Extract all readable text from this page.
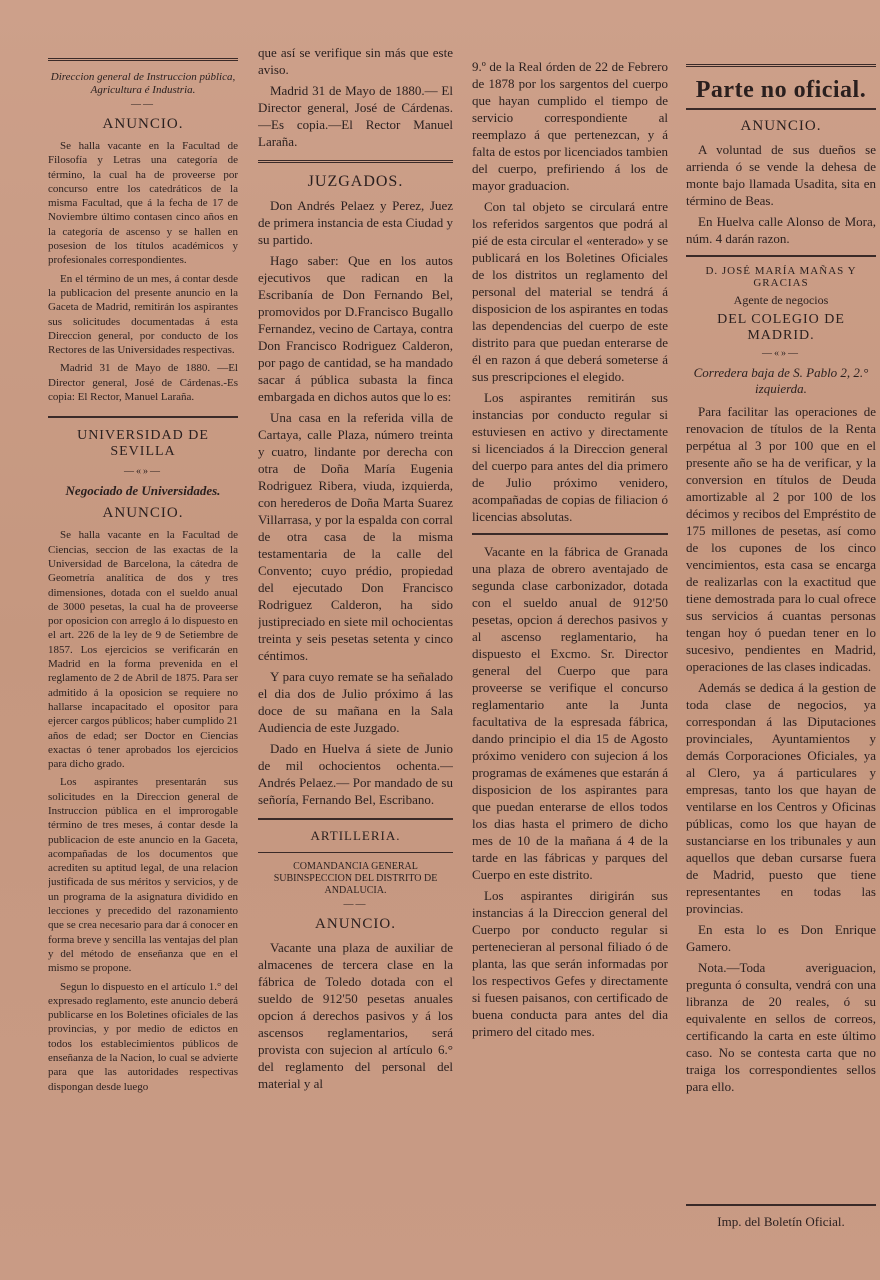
Direccion general de Instruccion pública, Agricultura é Industria.
——
ANUNCIO.

Se halla vacante en la Facultad de Filosofía y Letras una categoría de término, la cual ha de proveerse por concurso entre los catedráticos de la misma Facultad, que á la fecha de 17 de Noviembre último contasen cinco años en la categoría de ascenso y se hallen en posesion de los títulos académicos y profesionales correspondientes.

En el término de un mes, á contar desde la publicacion del presente anuncio en la Gaceta de Madrid, remitirán los aspirantes sus solicitudes documentadas á esta Direccion general, por conducto de los Rectores de las Universidades respectivas.

Madrid 31 de Mayo de 1880. —El Director general, José de Cárdenas.-Es copia: El Rector, Manuel Laraña.

UNIVERSIDAD DE SEVILLA
—«»—
Negociado de Universidades.
ANUNCIO.

Se halla vacante en la Facultad de Ciencias, seccion de las exactas de la Universidad de Barcelona, la cátedra de Geometría analítica de dos y tres dimensiones, dotada con el sueldo anual de 3000 pesetas, la cual ha de proveerse por oposicion con arreglo á lo dispuesto en el art. 226 de la ley de 9 de Setiembre de 1857. Los ejercicios se verificarán en Madrid en la forma prevenida en el reglamento de 2 de Abril de 1875. Para ser admitido á la oposicion se requiere no hallarse incapacitado el opositor para ejercer cargos públicos; haber cumplido 21 años de edad; ser Doctor en Ciencias exactas ó tener aprobados los ejercicios para dicho grado.

Los aspirantes presentarán sus solicitudes en la Direccion general de Instruccion pública en el improrogable término de tres meses, á contar desde la publicacion de este anuncio en la Gaceta, acompañadas de los documentos que acrediten su aptitud legal, de una relacion justificada de sus méritos y servicios, y de un programa de la asignatura dividido en lecciones y precedido del razonamiento que se crea necesario para dar á conocer en forma breve y sencilla las ventajas del plan y del método de enseñanza que en el mismo se propone.

Segun lo dispuesto en el artículo 1.° del expresado reglamento, este anuncio deberá publicarse en los Boletines oficiales de las provincias, y por medio de edictos en todos los establecimientos públicos de enseñanza de la Nacion, lo cual se advierte para que las autoridades respectivas dispongan desde luego

que así se verifique sin más que este aviso.

Madrid 31 de Mayo de 1880.— El Director general, José de Cárdenas.—Es copia.—El Rector Manuel Laraña.

JUZGADOS.

Don Andrés Pelaez y Perez, Juez de primera instancia de esta Ciudad y su partido.

Hago saber: Que en los autos ejecutivos que radican en la Escribanía de Don Fernando Bel, promovidos por D.Francisco Bugallo Fernandez, vecino de Cartaya, contra Don Francisco Rodriguez Calderon, por pago de cantidad, se ha mandado sacar á pública subasta la finca embargada en dichos autos que lo es:

Una casa en la referida villa de Cartaya, calle Plaza, número treinta y cuatro, lindante por derecha con otra de Doña María Eugenia Rodriguez Ribera, viuda, izquierda, con herederos de Doña Marta Suarez Villarrasa, y por la espalda con corral de otra casa de la misma testamentaria de la calle del Convento; cuyo prédio, propiedad del ejecutado Don Francisco Rodriguez Calderon, ha sido justipreciado en siete mil ochocientas treinta y seis pesetas setenta y cinco céntimos.

Y para cuyo remate se ha señalado el dia dos de Julio próximo á las doce de su mañana en la Sala Audiencia de este Juzgado.

Dado en Huelva á siete de Junio de mil ochocientos ochenta.—Andrés Pelaez.— Por mandado de su señoría, Fernando Bel, Escribano.

ARTILLERIA.
COMANDANCIA GENERAL SUBINSPECCION DEL DISTRITO DE ANDALUCIA.
——
ANUNCIO.

Vacante una plaza de auxiliar de almacenes de tercera clase en la fábrica de Toledo dotada con el sueldo de 912'50 pesetas anuales opcion á derechos pasivos y á los ascensos reglamentarios, será provista con sujecion al artículo 6.° del reglamento del personal del material y al

9.º de la Real órden de 22 de Febrero de 1878 por los sargentos del cuerpo que hayan cumplido el tiempo de servicio correspondiente al reemplazo á que pertenezcan, y á falta de estos por licenciados tambien del cuerpo, prefiriendo á los de mayor graduacion.

Con tal objeto se circulará entre los referidos sargentos que podrá al pié de esta circular el «enterado» y se publicará en los Boletines Oficiales de los distritos un reglamento del personal del material se tendrá á disposicion de los aspirantes en todas las dependencias del cuerpo de este distrito para que puedan enterarse de él en razon á que deberá someterse á sus prescripciones el elegido.

Los aspirantes remitirán sus instancias por conducto regular si estuviesen en activo y directamente si licenciados á la Direccion general del cuerpo para antes del dia primero de Julio próximo venidero, acompañadas de copias de filiacion ó licencias absolutas.

Vacante en la fábrica de Granada una plaza de obrero aventajado de segunda clase carbonizador, dotada con el sueldo anual de 912'50 pesetas, opcion á derechos pasivos y al ascenso reglamentario, ha dispuesto el Excmo. Sr. Director general del Cuerpo que para proveerse se verifique el concurso reglamentario ante la Junta facultativa de la espresada fábrica, dando principio el dia 15 de Agosto próximo venidero con sujecion á los programas de exámenes que estarán á disposicion de los aspirantes para que puedan enterarse de ellos todos los dias hasta el primero de dicho mes de 10 de la mañana á 4 de la tarde en las fábricas y parques del Cuerpo en este distrito.

Los aspirantes dirigirán sus instancias á la Direccion general del Cuerpo por conducto regular si pertenecieran al personal filiado ó de planta, las que serán informadas por los respectivos Gefes y directamente si fuesen paisanos, con certificado de buena conducta para antes del dia primero del citado mes.

Parte no oficial.
ANUNCIO.

A voluntad de sus dueños se arrienda ó se vende la dehesa de monte bajo llamada Usadita, sita en término de Beas.

En Huelva calle Alonso de Mora, núm. 4 darán razon.

D. JOSÉ MARÍA MAÑAS Y GRACIAS
Agente de negocios
DEL COLEGIO DE MADRID.
—«»—
Corredera baja de S. Pablo 2, 2.° izquierda.

Para facilitar las operaciones de renovacion de títulos de la Renta perpétua al 3 por 100 que en el presente año se ha de verificar, y la conversion en títulos de Deuda amortizable al 2 por 100 de los décimos y recibos del Empréstito de 175 millones de pesetas, así como de los cupones de los cinco vencimientos, esta casa se encarga de realizarlas con la exactitud que tiene demostrada para lo cual ofrece sus servicios á cuantas personas tengan hoy ó puedan tener en lo sucesivo, pendientes en Madrid, operaciones de las clases indicadas.

Además se dedica á la gestion de toda clase de negocios, ya correspondan á las Diputaciones provinciales, Ayuntamientos y demás Corporaciones Oficiales, ya al Clero, ya á particulares y empresas, tanto los que hayan de ventilarse en los Centros y Oficinas públicas, como los que hayan de sustanciarse en los tribunales y aun aquellos que deban cursarse fuera de Madrid, puesto que tiene representantes en todas las provincias.

En esta lo es Don Enrique Gamero.

Nota.—Toda averiguacion, pregunta ó consulta, vendrá con una libranza de 20 reales, ó su equivalente en sellos de correos, certificando la carta en este último caso. No se contesta carta que no traiga los correspondientes sellos para ello.

Imp. del Boletín Oficial.
